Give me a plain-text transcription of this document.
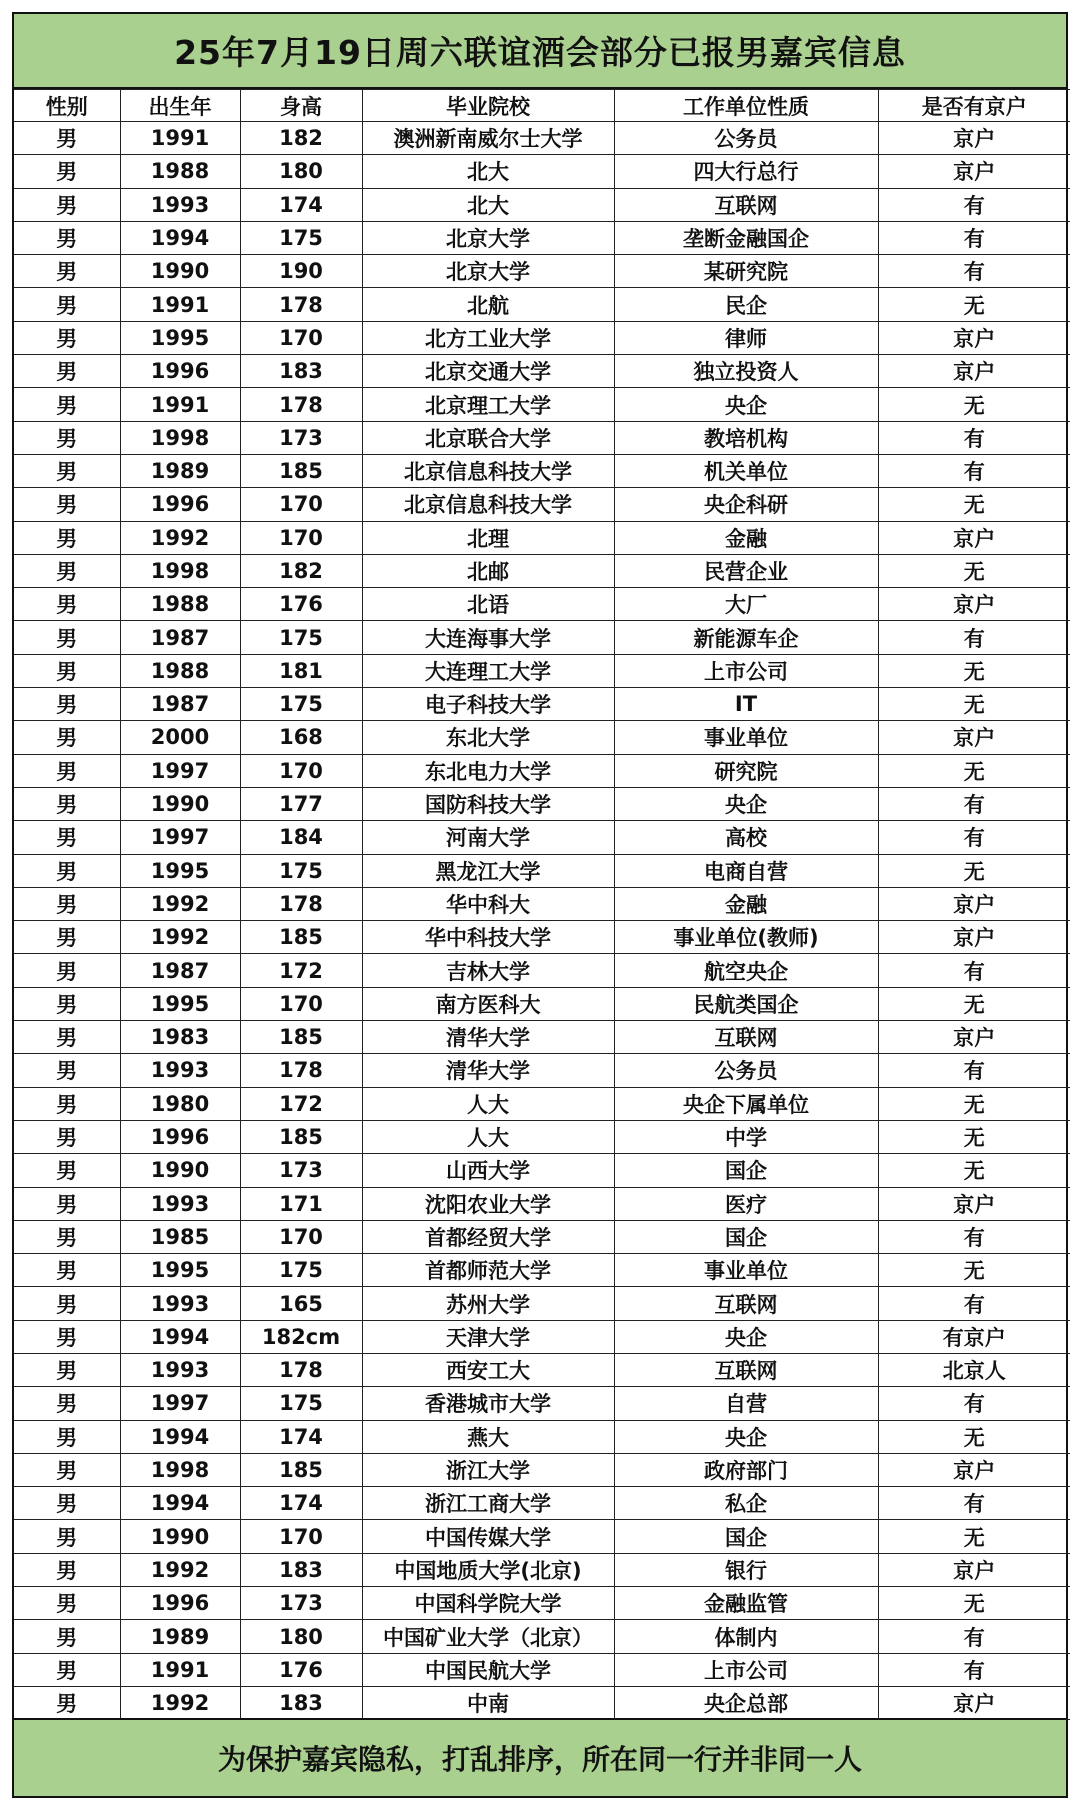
25年7月19日周六联谊酒会部分已报男嘉宾信息
性别	出生年	身高	毕业院校	工作单位性质	是否有京户
男	1991	182	澳洲新南威尔士大学	公务员	京户
男	1988	180	北大	四大行总行	京户
男	1993	174	北大	互联网	有
男	1994	175	北京大学	垄断金融国企	有
男	1990	190	北京大学	某研究院	有
男	1991	178	北航	民企	无
男	1995	170	北方工业大学	律师	京户
男	1996	183	北京交通大学	独立投资人	京户
男	1991	178	北京理工大学	央企	无
男	1998	173	北京联合大学	教培机构	有
男	1989	185	北京信息科技大学	机关单位	有
男	1996	170	北京信息科技大学	央企科研	无
男	1992	170	北理	金融	京户
男	1998	182	北邮	民营企业	无
男	1988	176	北语	大厂	京户
男	1987	175	大连海事大学	新能源车企	有
男	1988	181	大连理工大学	上市公司	无
男	1987	175	电子科技大学	IT	无
男	2000	168	东北大学	事业单位	京户
男	1997	170	东北电力大学	研究院	无
男	1990	177	国防科技大学	央企	有
男	1997	184	河南大学	高校	有
男	1995	175	黑龙江大学	电商自营	无
男	1992	178	华中科大	金融	京户
男	1992	185	华中科技大学	事业单位(教师)	京户
男	1987	172	吉林大学	航空央企	有
男	1995	170	南方医科大	民航类国企	无
男	1983	185	清华大学	互联网	京户
男	1993	178	清华大学	公务员	有
男	1980	172	人大	央企下属单位	无
男	1996	185	人大	中学	无
男	1990	173	山西大学	国企	无
男	1993	171	沈阳农业大学	医疗	京户
男	1985	170	首都经贸大学	国企	有
男	1995	175	首都师范大学	事业单位	无
男	1993	165	苏州大学	互联网	有
男	1994	182cm	天津大学	央企	有京户
男	1993	178	西安工大	互联网	北京人
男	1997	175	香港城市大学	自营	有
男	1994	174	燕大	央企	无
男	1998	185	浙江大学	政府部门	京户
男	1994	174	浙江工商大学	私企	有
男	1990	170	中国传媒大学	国企	无
男	1992	183	中国地质大学(北京)	银行	京户
男	1996	173	中国科学院大学	金融监管	无
男	1989	180	中国矿业大学（北京）	体制内	有
男	1991	176	中国民航大学	上市公司	有
男	1992	183	中南	央企总部	京户
为保护嘉宾隐私，打乱排序，所在同一行并非同一人
